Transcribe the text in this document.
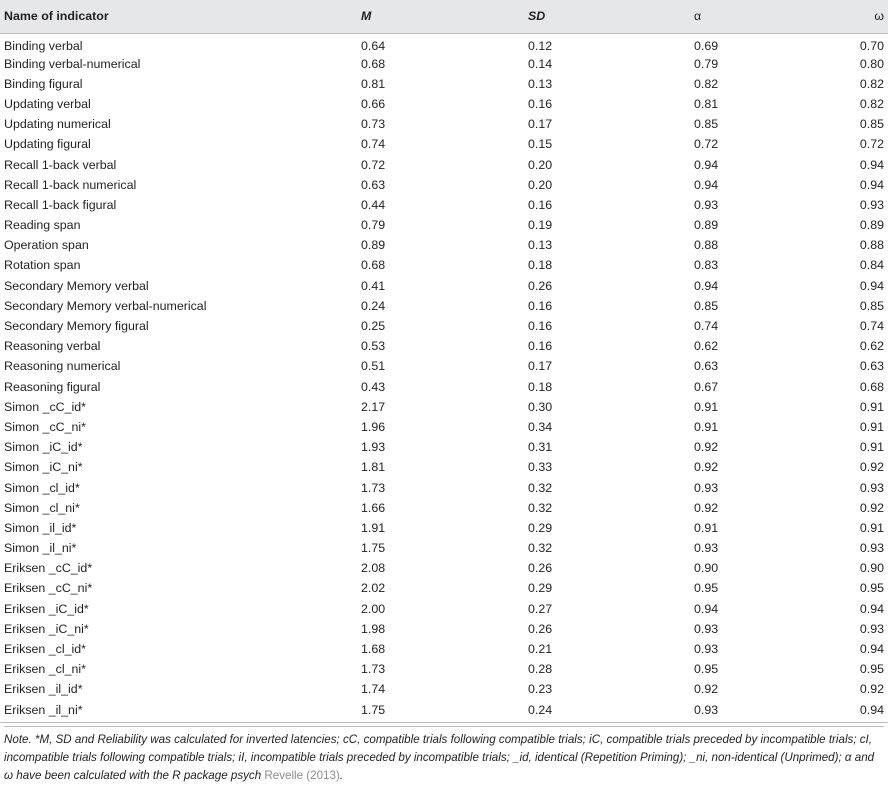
Name of indicator	M	SD	α	ω
Binding verbal	0.64	0.12	0.69	0.70
Binding verbal-numerical	0.68	0.14	0.79	0.80
Binding figural	0.81	0.13	0.82	0.82
Updating verbal	0.66	0.16	0.81	0.82
Updating numerical	0.73	0.17	0.85	0.85
Updating figural	0.74	0.15	0.72	0.72
Recall 1-back verbal	0.72	0.20	0.94	0.94
Recall 1-back numerical	0.63	0.20	0.94	0.94
Recall 1-back figural	0.44	0.16	0.93	0.93
Reading span	0.79	0.19	0.89	0.89
Operation span	0.89	0.13	0.88	0.88
Rotation span	0.68	0.18	0.83	0.84
Secondary Memory verbal	0.41	0.26	0.94	0.94
Secondary Memory verbal-numerical	0.24	0.16	0.85	0.85
Secondary Memory figural	0.25	0.16	0.74	0.74
Reasoning verbal	0.53	0.16	0.62	0.62
Reasoning numerical	0.51	0.17	0.63	0.63
Reasoning figural	0.43	0.18	0.67	0.68
Simon _cC_id*	2.17	0.30	0.91	0.91
Simon _cC_ni*	1.96	0.34	0.91	0.91
Simon _iC_id*	1.93	0.31	0.92	0.91
Simon _iC_ni*	1.81	0.33	0.92	0.92
Simon _cl_id*	1.73	0.32	0.93	0.93
Simon _cl_ni*	1.66	0.32	0.92	0.92
Simon _il_id*	1.91	0.29	0.91	0.91
Simon _il_ni*	1.75	0.32	0.93	0.93
Eriksen _cC_id*	2.08	0.26	0.90	0.90
Eriksen _cC_ni*	2.02	0.29	0.95	0.95
Eriksen _iC_id*	2.00	0.27	0.94	0.94
Eriksen _iC_ni*	1.98	0.26	0.93	0.93
Eriksen _cl_id*	1.68	0.21	0.93	0.94
Eriksen _cl_ni*	1.73	0.28	0.95	0.95
Eriksen _il_id*	1.74	0.23	0.92	0.92
Eriksen _il_ni*	1.75	0.24	0.93	0.94
Note. *M, SD and Reliability was calculated for inverted latencies; cC, compatible trials following compatible trials; iC, compatible trials preceded by incompatible trials; cI, incompatible trials following compatible trials; iI, incompatible trials preceded by incompatible trials; _id, identical (Repetition Priming); _ni, non-identical (Unprimed); α and ω have been calculated with the R package psych Revelle (2013).
